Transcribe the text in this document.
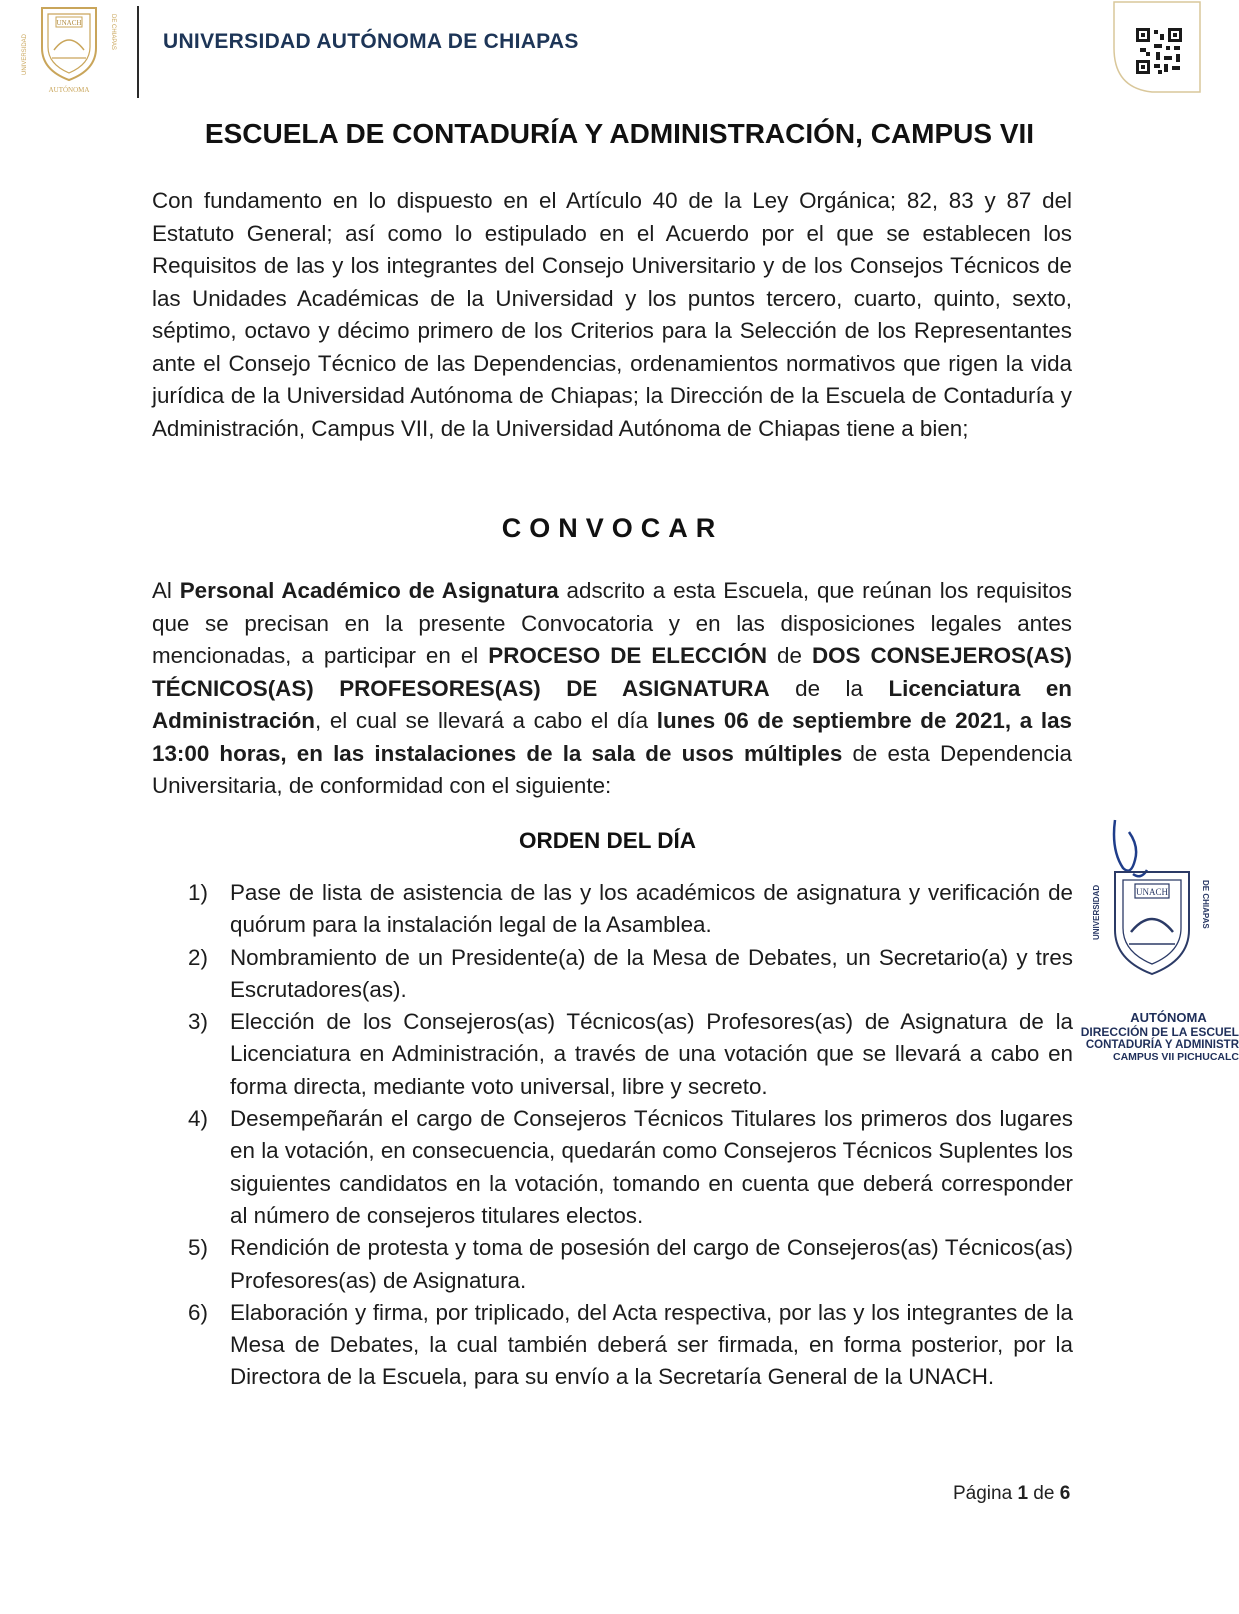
UNACH
UNIVERSIDAD
DE CHIAPAS
AUTÓNOMA
UNIVERSIDAD AUTÓNOMA DE CHIAPAS
ESCUELA DE CONTADURÍA Y ADMINISTRACIÓN, CAMPUS VII
Con fundamento en lo dispuesto en el Artículo 40 de la Ley Orgánica; 82, 83 y 87 del Estatuto General; así como lo estipulado en el Acuerdo por el que se establecen los Requisitos de las y los integrantes del Consejo Universitario y de los Consejos Técnicos de las Unidades Académicas de la Universidad y los puntos tercero, cuarto, quinto, sexto, séptimo, octavo y décimo primero de los Criterios para la Selección de los Representantes ante el Consejo Técnico de las Dependencias, ordenamientos normativos que rigen la vida jurídica de la Universidad Autónoma de Chiapas; la Dirección de la Escuela de Contaduría y Administración, Campus VII, de la Universidad Autónoma de Chiapas tiene a bien;
CONVOCAR
Al Personal Académico de Asignatura adscrito a esta Escuela, que reúnan los requisitos que se precisan en la presente Convocatoria y en las disposiciones legales antes mencionadas, a participar en el PROCESO DE ELECCIÓN de DOS CONSEJEROS(AS) TÉCNICOS(AS) PROFESORES(AS) DE ASIGNATURA de la Licenciatura en Administración, el cual se llevará a cabo el día lunes 06 de septiembre de 2021, a las 13:00 horas, en las instalaciones de la sala de usos múltiples de esta Dependencia Universitaria, de conformidad con el siguiente:
ORDEN DEL DÍA
1) Pase de lista de asistencia de las y los académicos de asignatura y verificación de quórum para la instalación legal de la Asamblea.
2) Nombramiento de un Presidente(a) de la Mesa de Debates, un Secretario(a) y tres Escrutadores(as).
3) Elección de los Consejeros(as) Técnicos(as) Profesores(as) de Asignatura de la Licenciatura en Administración, a través de una votación que se llevará a cabo en forma directa, mediante voto universal, libre y secreto.
4) Desempeñarán el cargo de Consejeros Técnicos Titulares los primeros dos lugares en la votación, en consecuencia, quedarán como Consejeros Técnicos Suplentes los siguientes candidatos en la votación, tomando en cuenta que deberá corresponder al número de consejeros titulares electos.
5) Rendición de protesta y toma de posesión del cargo de Consejeros(as) Técnicos(as) Profesores(as) de Asignatura.
6) Elaboración y firma, por triplicado, del Acta respectiva, por las y los integrantes de la Mesa de Debates, la cual también deberá ser firmada, en forma posterior, por la Directora de la Escuela, para su envío a la Secretaría General de la UNACH.
UNACH
UNIVERSIDAD	DE CHIAPAS
AUTÓNOMA
DIRECCIÓN DE LA ESCUEL
CONTADURÍA Y ADMINISTR
CAMPUS VII PICHUCALC
Página 1 de 6
